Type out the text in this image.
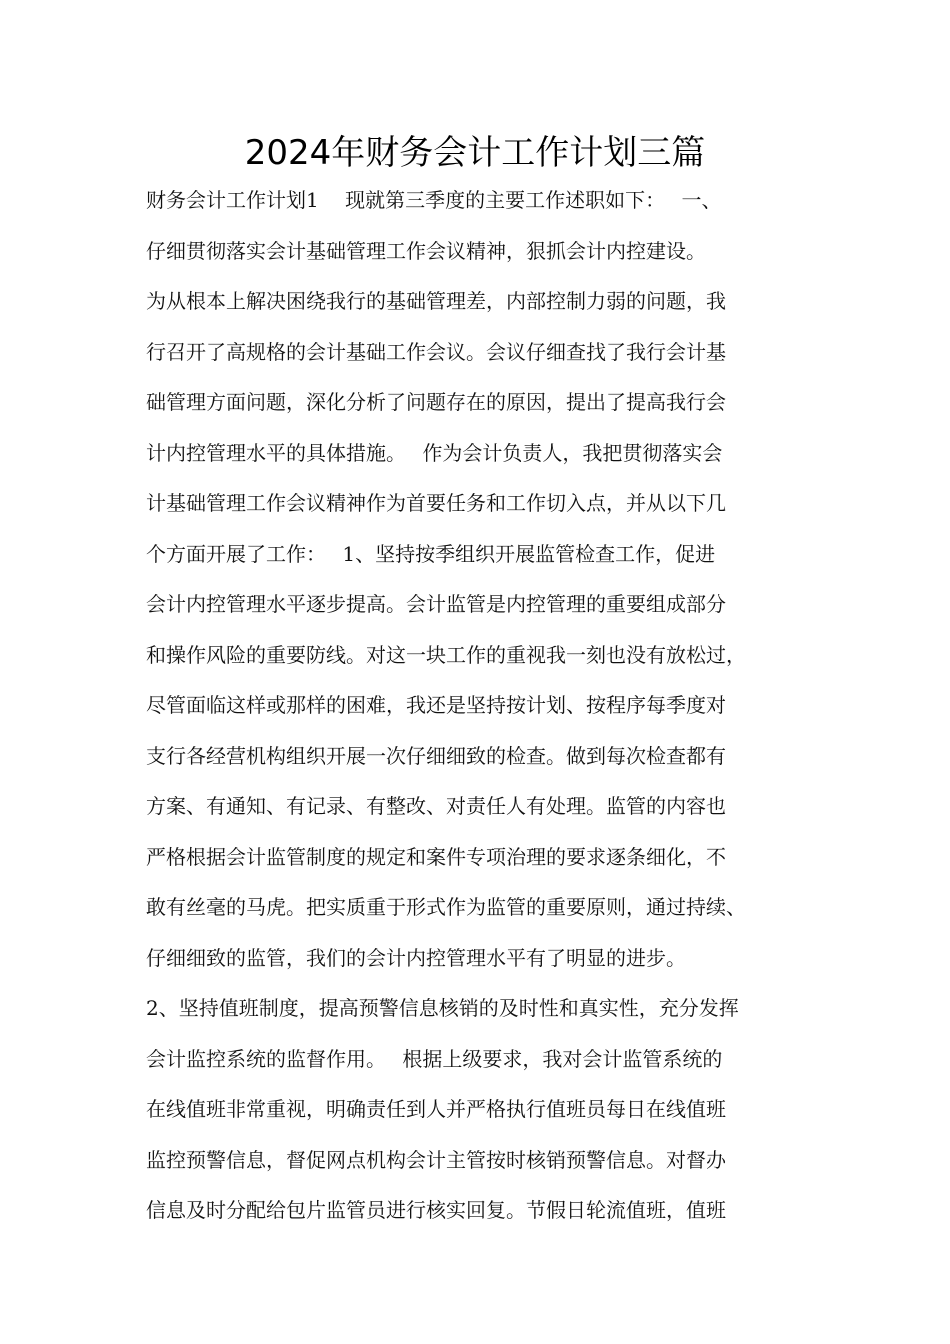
2024年财务会计工作计划三篇
财务会计工作计划1　 现就第三季度的主要工作述职如下：　 一、
仔细贯彻落实会计基础管理工作会议精神，狠抓会计内控建设。
为从根本上解决困绕我行的基础管理差，内部控制力弱的问题，我
行召开了高规格的会计基础工作会议。会议仔细查找了我行会计基
础管理方面问题，深化分析了问题存在的原因，提出了提高我行会
计内控管理水平的具体措施。　 作为会计负责人，我把贯彻落实会
计基础管理工作会议精神作为首要任务和工作切入点，并从以下几
个方面开展了工作：　 1、坚持按季组织开展监管检查工作，促进
会计内控管理水平逐步提高。会计监管是内控管理的重要组成部分
和操作风险的重要防线。对这一块工作的重视我一刻也没有放松过，
尽管面临这样或那样的困难，我还是坚持按计划、按程序每季度对
支行各经营机构组织开展一次仔细细致的检查。做到每次检查都有
方案、有通知、有记录、有整改、对责任人有处理。监管的内容也
严格根据会计监管制度的规定和案件专项治理的要求逐条细化，不
敢有丝毫的马虎。把实质重于形式作为监管的重要原则，通过持续、
仔细细致的监管，我们的会计内控管理水平有了明显的进步。
2、坚持值班制度，提高预警信息核销的及时性和真实性，充分发挥
会计监控系统的监督作用。　 根据上级要求，我对会计监管系统的
在线值班非常重视，明确责任到人并严格执行值班员每日在线值班
监控预警信息，督促网点机构会计主管按时核销预警信息。对督办
信息及时分配给包片监管员进行核实回复。节假日轮流值班，值班
